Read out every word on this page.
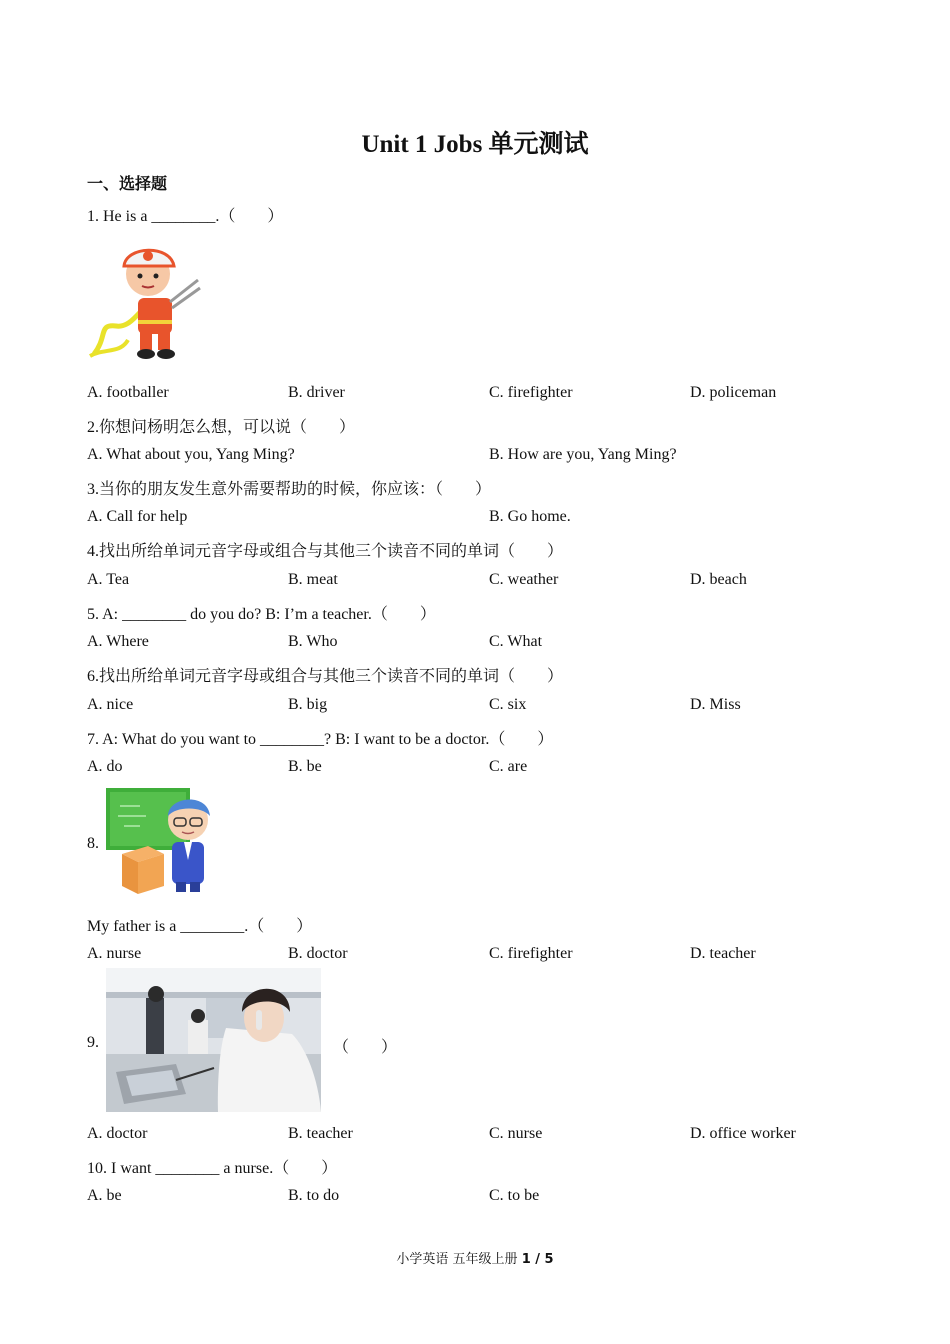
Unit 1 Jobs 单元测试
一、选择题
1. He is a ________.（　　）
A. footballer	B. driver	C. firefighter	D. policeman
2.你想问杨明怎么想，可以说（　　）
A. What about you, Yang Ming?	B. How are you, Yang Ming?
3.当你的朋友发生意外需要帮助的时候，你应该：（　　）
A. Call for help	B. Go home.
4.找出所给单词元音字母或组合与其他三个读音不同的单词（　　）
A. Tea	B. meat	C. weather	D. beach
5. A: ________ do you do? B: I’m a teacher.（　　）
A. Where	B. Who	C. What
6.找出所给单词元音字母或组合与其他三个读音不同的单词（　　）
A. nice	B. big	C. six	D. Miss
7. A: What do you want to ________? B: I want to be a doctor.（　　）
A. do	B. be	C. are
8.
My father is a ________.（　　）
A. nurse	B. doctor	C. firefighter	D. teacher
9.	（　　）
A. doctor	B. teacher	C. nurse	D. office worker
10. I want ________ a nurse.（　　）
A. be	B. to do	C. to be
小学英语 五年级上册 1 / 5
